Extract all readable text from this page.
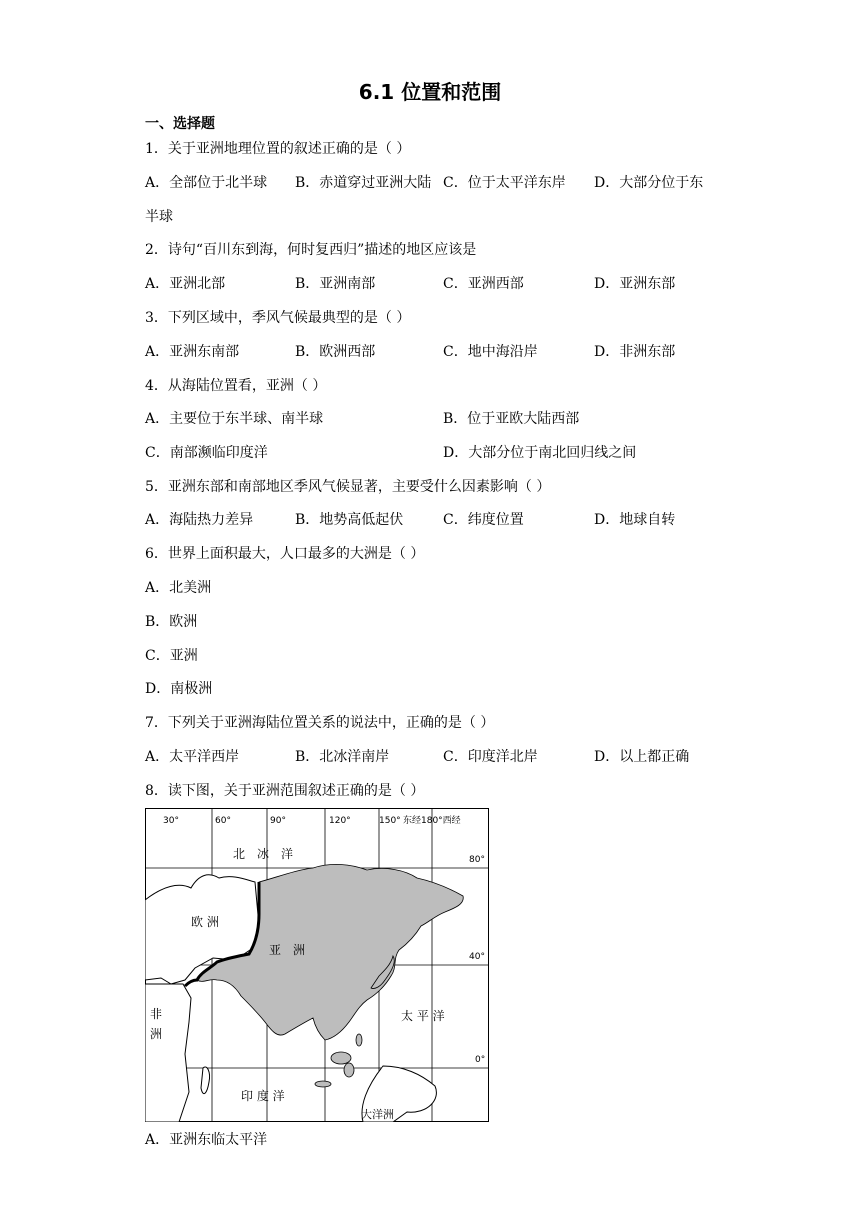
6.1 位置和范围
一、选择题
1．关于亚洲地理位置的叙述正确的是（ ）
A．全部位于北半球 B．赤道穿过亚洲大陆 C．位于太平洋东岸 D．大部分位于东
半球
2．诗句“百川东到海，何时复西归”描述的地区应该是
A．亚洲北部	B．亚洲南部	C．亚洲西部	D．亚洲东部
3．下列区域中，季风气候最典型的是（ ）
A．亚洲东南部	B．欧洲西部	C．地中海沿岸	D．非洲东部
4．从海陆位置看，亚洲（ ）
A．主要位于东半球、南半球	B．位于亚欧大陆西部
C．南部濒临印度洋	D．大部分位于南北回归线之间
5．亚洲东部和南部地区季风气候显著，主要受什么因素影响（ ）
A．海陆热力差异	B．地势高低起伏	C．纬度位置	D．地球自转
6．世界上面积最大，人口最多的大洲是（ ）
A．北美洲
B．欧洲
C．亚洲
D．南极洲
7．下列关于亚洲海陆位置关系的说法中，正确的是（ ）
A．太平洋西岸	B．北冰洋南岸	C．印度洋北岸	D．以上都正确
8．读下图，关于亚洲范围叙述正确的是（ ）
30°	60°	90°	120°	150° 东经180°西经
80°
40°
0°
北　冰　洋
欧 洲
亚　洲
非
洲
太 平 洋
印 度 洋
大洋洲
A．亚洲东临太平洋
